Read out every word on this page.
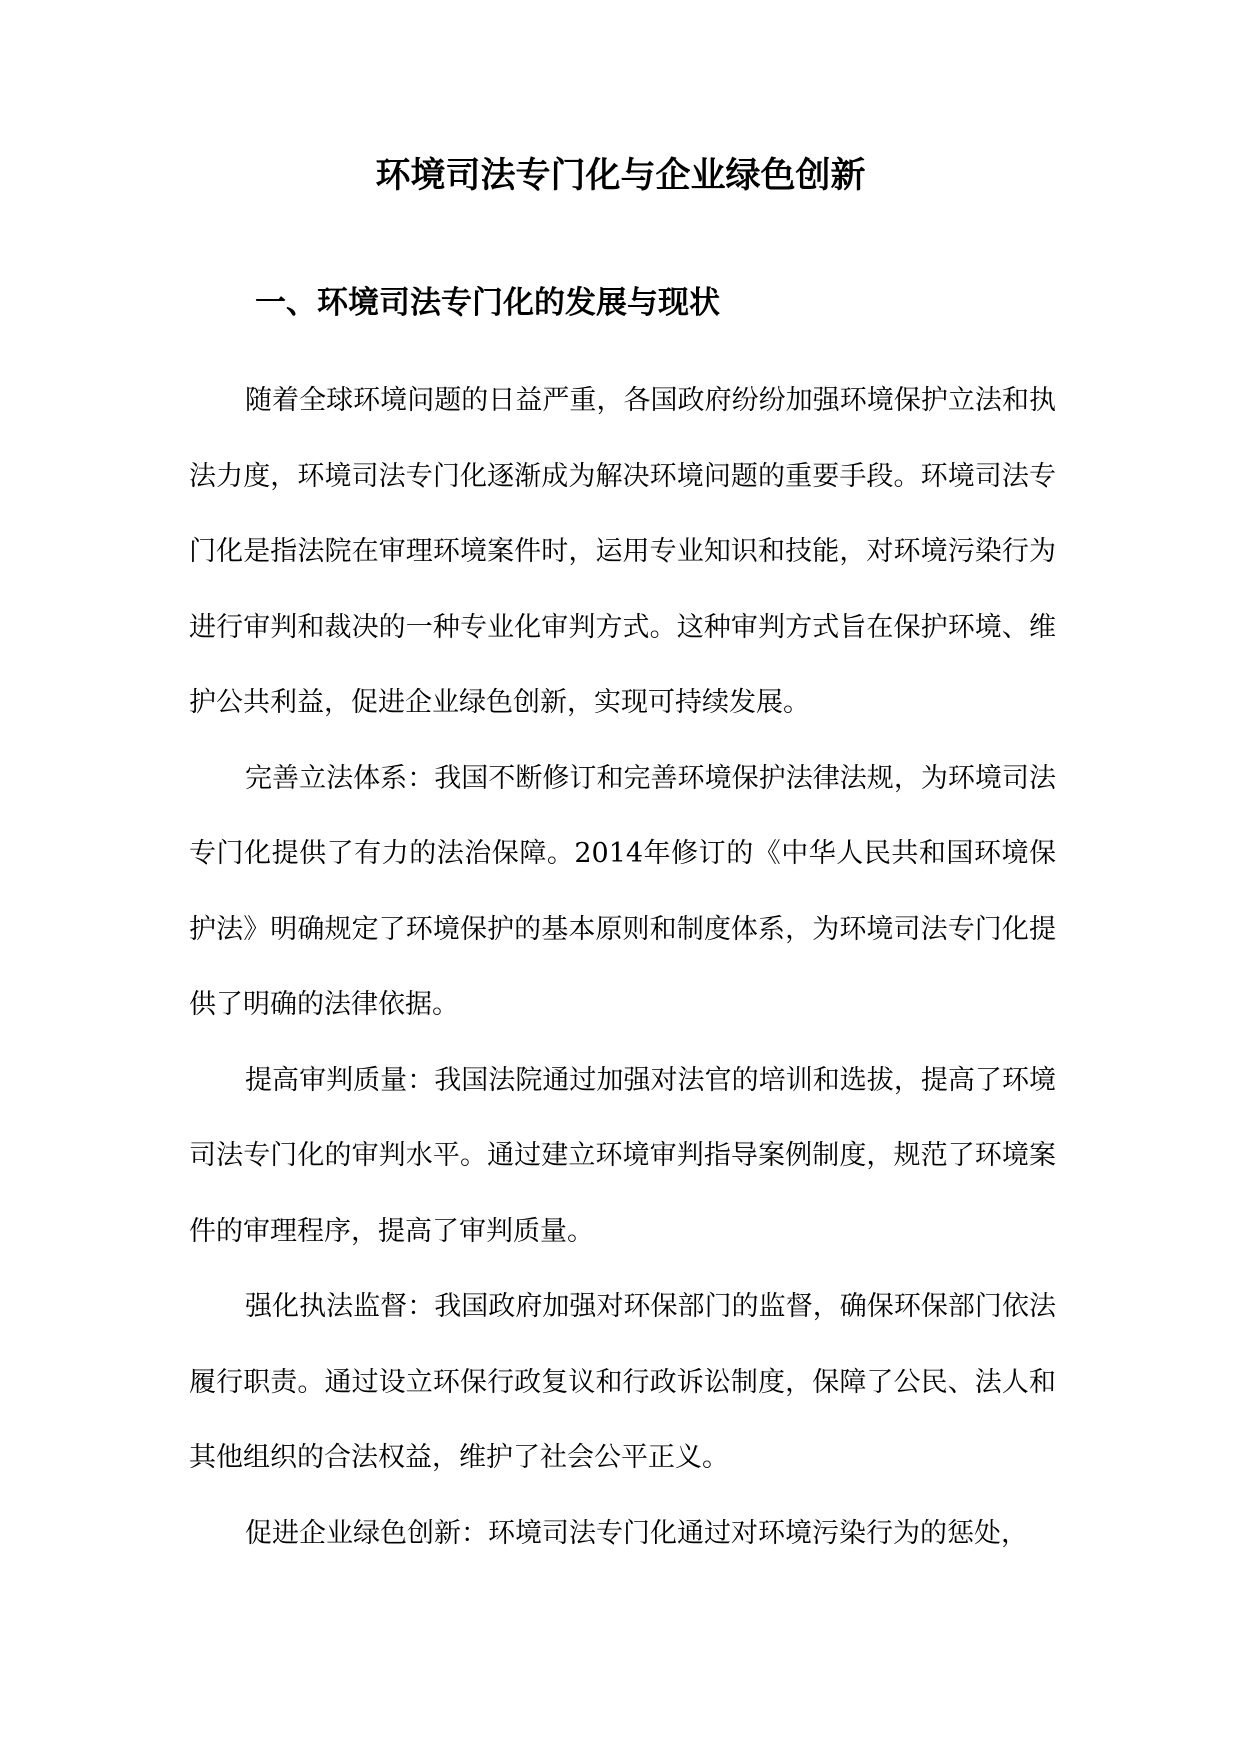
环境司法专门化与企业绿色创新
一、环境司法专门化的发展与现状

随着全球环境问题的日益严重，各国政府纷纷加强环境保护立法和执法力度，环境司法专门化逐渐成为解决环境问题的重要手段。环境司法专门化是指法院在审理环境案件时，运用专业知识和技能，对环境污染行为进行审判和裁决的一种专业化审判方式。这种审判方式旨在保护环境、维护公共利益，促进企业绿色创新，实现可持续发展。

完善立法体系：我国不断修订和完善环境保护法律法规，为环境司法专门化提供了有力的法治保障。2014年修订的《中华人民共和国环境保护法》明确规定了环境保护的基本原则和制度体系，为环境司法专门化提供了明确的法律依据。

提高审判质量：我国法院通过加强对法官的培训和选拔，提高了环境司法专门化的审判水平。通过建立环境审判指导案例制度，规范了环境案件的审理程序，提高了审判质量。

强化执法监督：我国政府加强对环保部门的监督，确保环保部门依法履行职责。通过设立环保行政复议和行政诉讼制度，保障了公民、法人和其他组织的合法权益，维护了社会公平正义。

促进企业绿色创新：环境司法专门化通过对环境污染行为的惩处，
